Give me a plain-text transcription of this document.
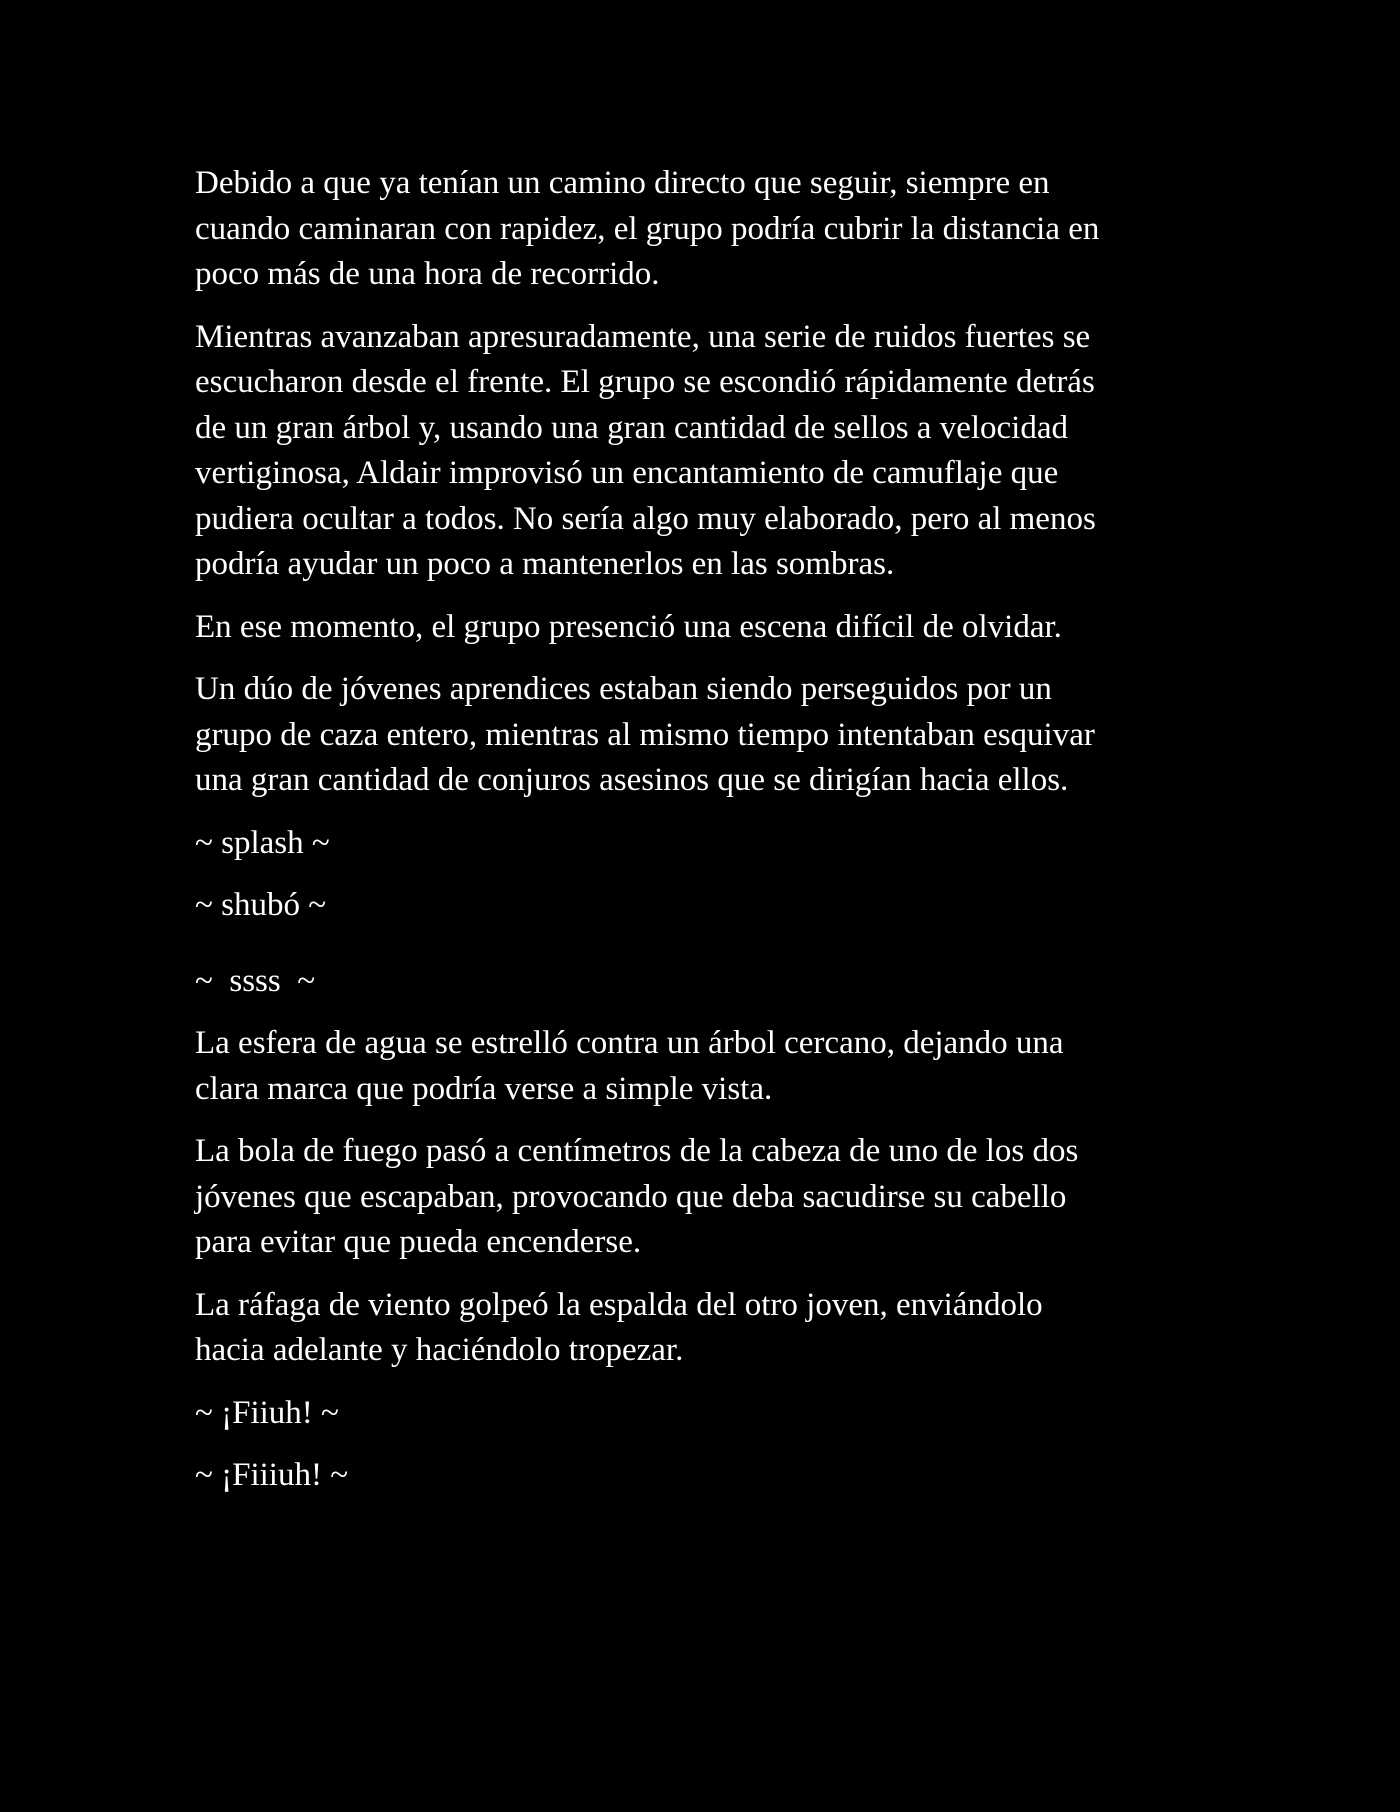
Debido a que ya tenían un camino directo que seguir, siempre en
cuando caminaran con rapidez, el grupo podría cubrir la distancia en
poco más de una hora de recorrido.

Mientras avanzaban apresuradamente, una serie de ruidos fuertes se
escucharon desde el frente. El grupo se escondió rápidamente detrás
de un gran árbol y, usando una gran cantidad de sellos a velocidad
vertiginosa, Aldair improvisó un encantamiento de camuflaje que
pudiera ocultar a todos. No sería algo muy elaborado, pero al menos
podría ayudar un poco a mantenerlos en las sombras.

En ese momento, el grupo presenció una escena difícil de olvidar.

Un dúo de jóvenes aprendices estaban siendo perseguidos por un
grupo de caza entero, mientras al mismo tiempo intentaban esquivar
una gran cantidad de conjuros asesinos que se dirigían hacia ellos.

~ splash ~

~ shubó ~

~  ssss  ~

La esfera de agua se estrelló contra un árbol cercano, dejando una
clara marca que podría verse a simple vista.

La bola de fuego pasó a centímetros de la cabeza de uno de los dos
jóvenes que escapaban, provocando que deba sacudirse su cabello
para evitar que pueda encenderse.

La ráfaga de viento golpeó la espalda del otro joven, enviándolo
hacia adelante y haciéndolo tropezar.

~ ¡Fiiuh! ~

~ ¡Fiiiuh! ~
